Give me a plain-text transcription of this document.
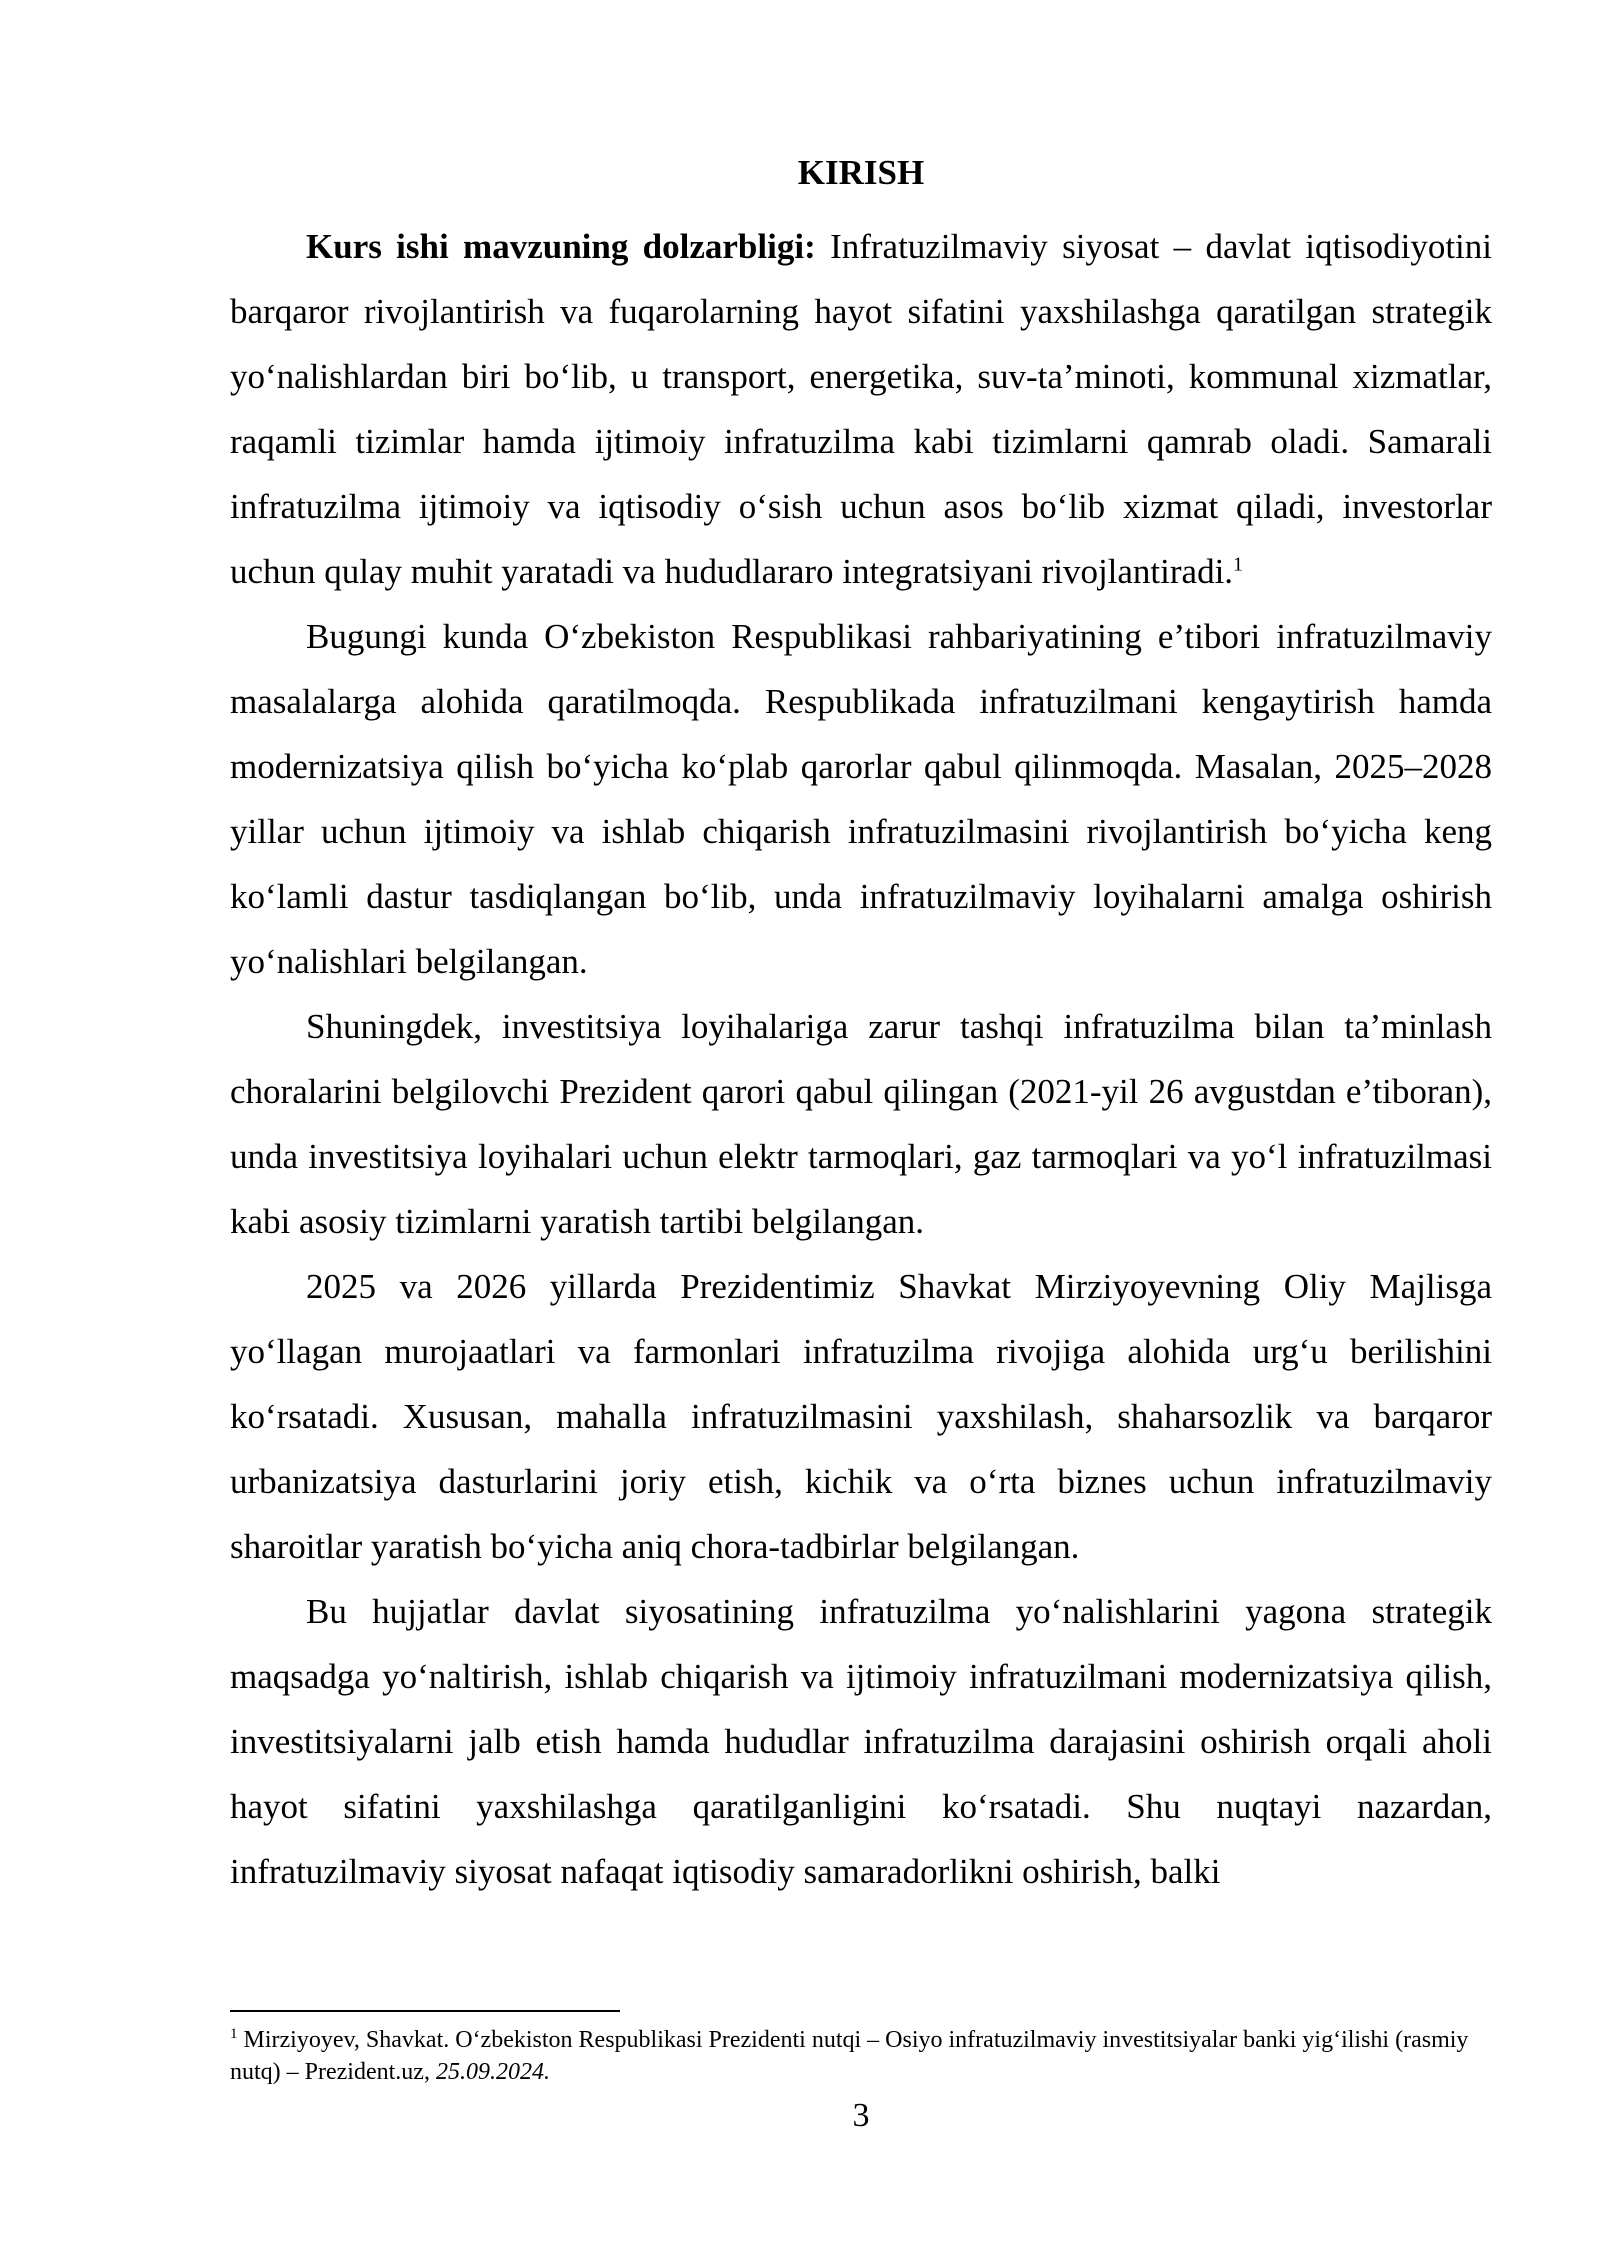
KIRISH

Kurs ishi mavzuning dolzarbligi: Infratuzilmaviy siyosat – davlat iqtisodiyotini barqaror rivojlantirish va fuqarolarning hayot sifatini yaxshilashga qaratilgan strategik yo‘nalishlardan biri bo‘lib, u transport, energetika, suv-ta’minoti, kommunal xizmatlar, raqamli tizimlar hamda ijtimoiy infratuzilma kabi tizimlarni qamrab oladi. Samarali infratuzilma ijtimoiy va iqtisodiy o‘sish uchun asos bo‘lib xizmat qiladi, investorlar uchun qulay muhit yaratadi va hududlararo integratsiyani rivojlantiradi.$^1$

Bugungi kunda O‘zbekiston Respublikasi rahbariyatining e’tibori infratuzilmaviy masalalarga alohida qaratilmoqda. Respublikada infratuzilmani kengaytirish hamda modernizatsiya qilish bo‘yicha ko‘plab qarorlar qabul qilinmoqda. Masalan, 2025–2028 yillar uchun ijtimoiy va ishlab chiqarish infratuzilmasini rivojlantirish bo‘yicha keng ko‘lamli dastur tasdiqlangan bo‘lib, unda infratuzilmaviy loyihalarni amalga oshirish yo‘nalishlari belgilangan.

Shuningdek, investitsiya loyihalariga zarur tashqi infratuzilma bilan ta’minlash choralarini belgilovchi Prezident qarori qabul qilingan (2021-yil 26 avgustdan e’tiboran), unda investitsiya loyihalari uchun elektr tarmoqlari, gaz tarmoqlari va yo‘l infratuzilmasi kabi asosiy tizimlarni yaratish tartibi belgilangan.

2025 va 2026 yillarda Prezidentimiz Shavkat Mirziyoyevning Oliy Majlisga yo‘llagan murojaatlari va farmonlari infratuzilma rivojiga alohida urg‘u berilishini ko‘rsatadi. Xususan, mahalla infratuzilmasini yaxshilash, shaharsozlik va barqaror urbanizatsiya dasturlarini joriy etish, kichik va o‘rta biznes uchun infratuzilmaviy sharoitlar yaratish bo‘yicha aniq chora-tadbirlar belgilangan.

Bu hujjatlar davlat siyosatining infratuzilma yo‘nalishlarini yagona strategik maqsadga yo‘naltirish, ishlab chiqarish va ijtimoiy infratuzilmani modernizatsiya qilish, investitsiyalarni jalb etish hamda hududlar infratuzilma darajasini oshirish orqali aholi hayot sifatini yaxshilashga qaratilganligini ko‘rsatadi. Shu nuqtayi nazardan, infratuzilmaviy siyosat nafaqat iqtisodiy samaradorlikni oshirish, balki

$^1$ Mirziyoyev, Shavkat. O‘zbekiston Respublikasi Prezidenti nutqi – Osiyo infratuzilmaviy investitsiyalar banki yig‘ilishi (rasmiy nutq) – Prezident.uz, 25.09.2024.

3
